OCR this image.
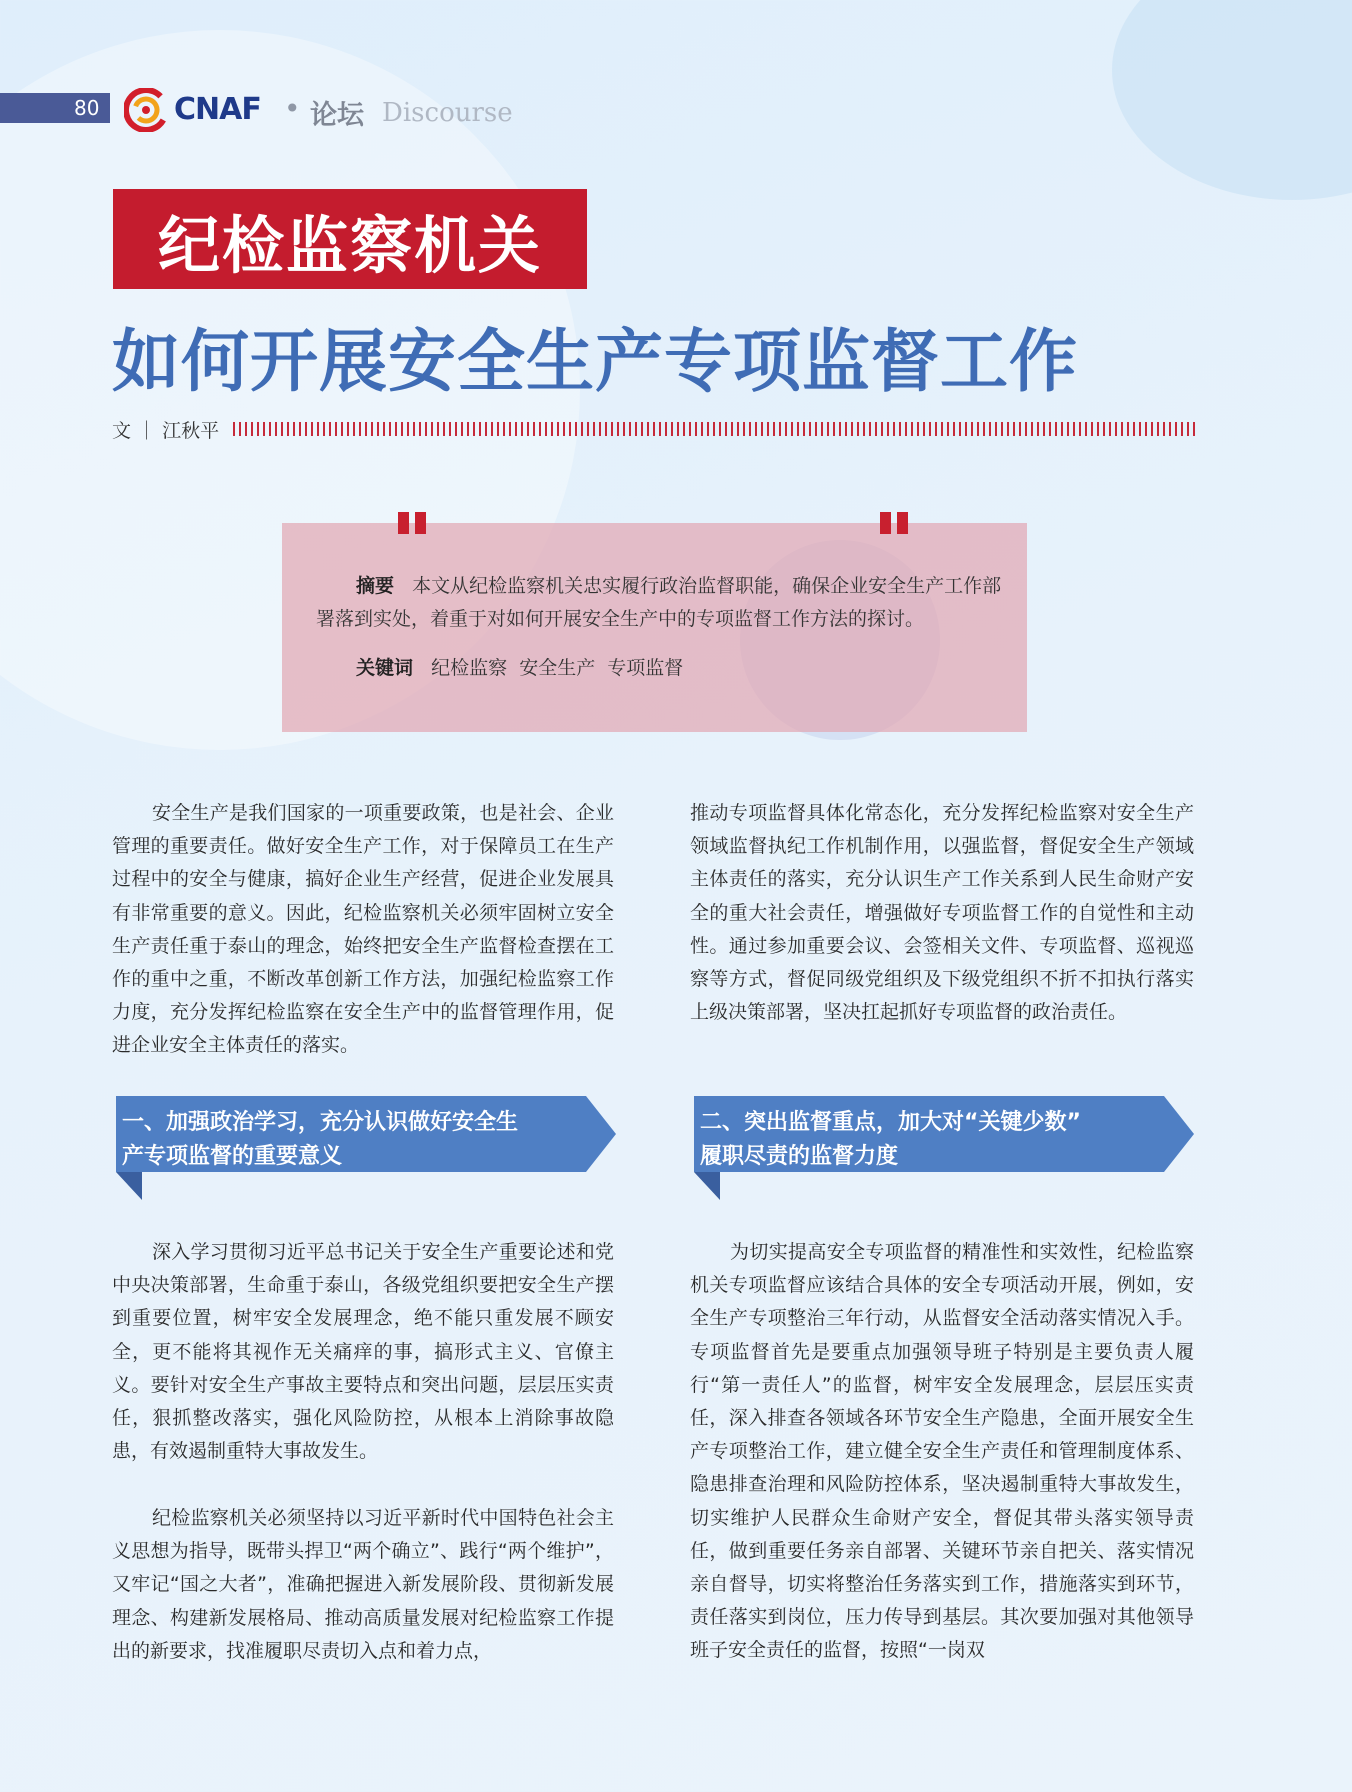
80 CNAF • 论坛 Discourse
纪检监察机关
如何开展安全生产专项监督工作
文 ｜ 江秋平
摘要 本文从纪检监察机关忠实履行政治监督职能，确保企业安全生产工作部署落到实处，着重于对如何开展安全生产中的专项监督工作方法的探讨。
关键词 纪检监察  安全生产  专项监督
安全生产是我们国家的一项重要政策，也是社会、企业管理的重要责任。做好安全生产工作，对于保障员工在生产过程中的安全与健康，搞好企业生产经营，促进企业发展具有非常重要的意义。因此，纪检监察机关必须牢固树立安全生产责任重于泰山的理念，始终把安全生产监督检查摆在工作的重中之重，不断改革创新工作方法，加强纪检监察工作力度，充分发挥纪检监察在安全生产中的监督管理作用，促进企业安全主体责任的落实。
一、加强政治学习，充分认识做好安全生
产专项监督的重要意义
深入学习贯彻习近平总书记关于安全生产重要论述和党中央决策部署，生命重于泰山，各级党组织要把安全生产摆到重要位置，树牢安全发展理念，绝不能只重发展不顾安全，更不能将其视作无关痛痒的事，搞形式主义、官僚主义。要针对安全生产事故主要特点和突出问题，层层压实责任，狠抓整改落实，强化风险防控，从根本上消除事故隐患，有效遏制重特大事故发生。
纪检监察机关必须坚持以习近平新时代中国特色社会主义思想为指导，既带头捍卫“两个确立”、践行“两个维护”，又牢记“国之大者”，准确把握进入新发展阶段、贯彻新发展理念、构建新发展格局、推动高质量发展对纪检监察工作提出的新要求，找准履职尽责切入点和着力点，
推动专项监督具体化常态化，充分发挥纪检监察对安全生产领域监督执纪工作机制作用，以强监督，督促安全生产领域主体责任的落实，充分认识生产工作关系到人民生命财产安全的重大社会责任，增强做好专项监督工作的自觉性和主动性。通过参加重要会议、会签相关文件、专项监督、巡视巡察等方式，督促同级党组织及下级党组织不折不扣执行落实上级决策部署，坚决扛起抓好专项监督的政治责任。
二、突出监督重点，加大对“关键少数”
履职尽责的监督力度
为切实提高安全专项监督的精准性和实效性，纪检监察机关专项监督应该结合具体的安全专项活动开展，例如，安全生产专项整治三年行动，从监督安全活动落实情况入手。专项监督首先是要重点加强领导班子特别是主要负责人履行“第一责任人”的监督，树牢安全发展理念，层层压实责任，深入排查各领域各环节安全生产隐患，全面开展安全生产专项整治工作，建立健全安全生产责任和管理制度体系、隐患排查治理和风险防控体系，坚决遏制重特大事故发生，切实维护人民群众生命财产安全，督促其带头落实领导责任，做到重要任务亲自部署、关键环节亲自把关、落实情况亲自督导，切实将整治任务落实到工作，措施落实到环节，责任落实到岗位，压力传导到基层。其次要加强对其他领导班子安全责任的监督，按照“一岗双
